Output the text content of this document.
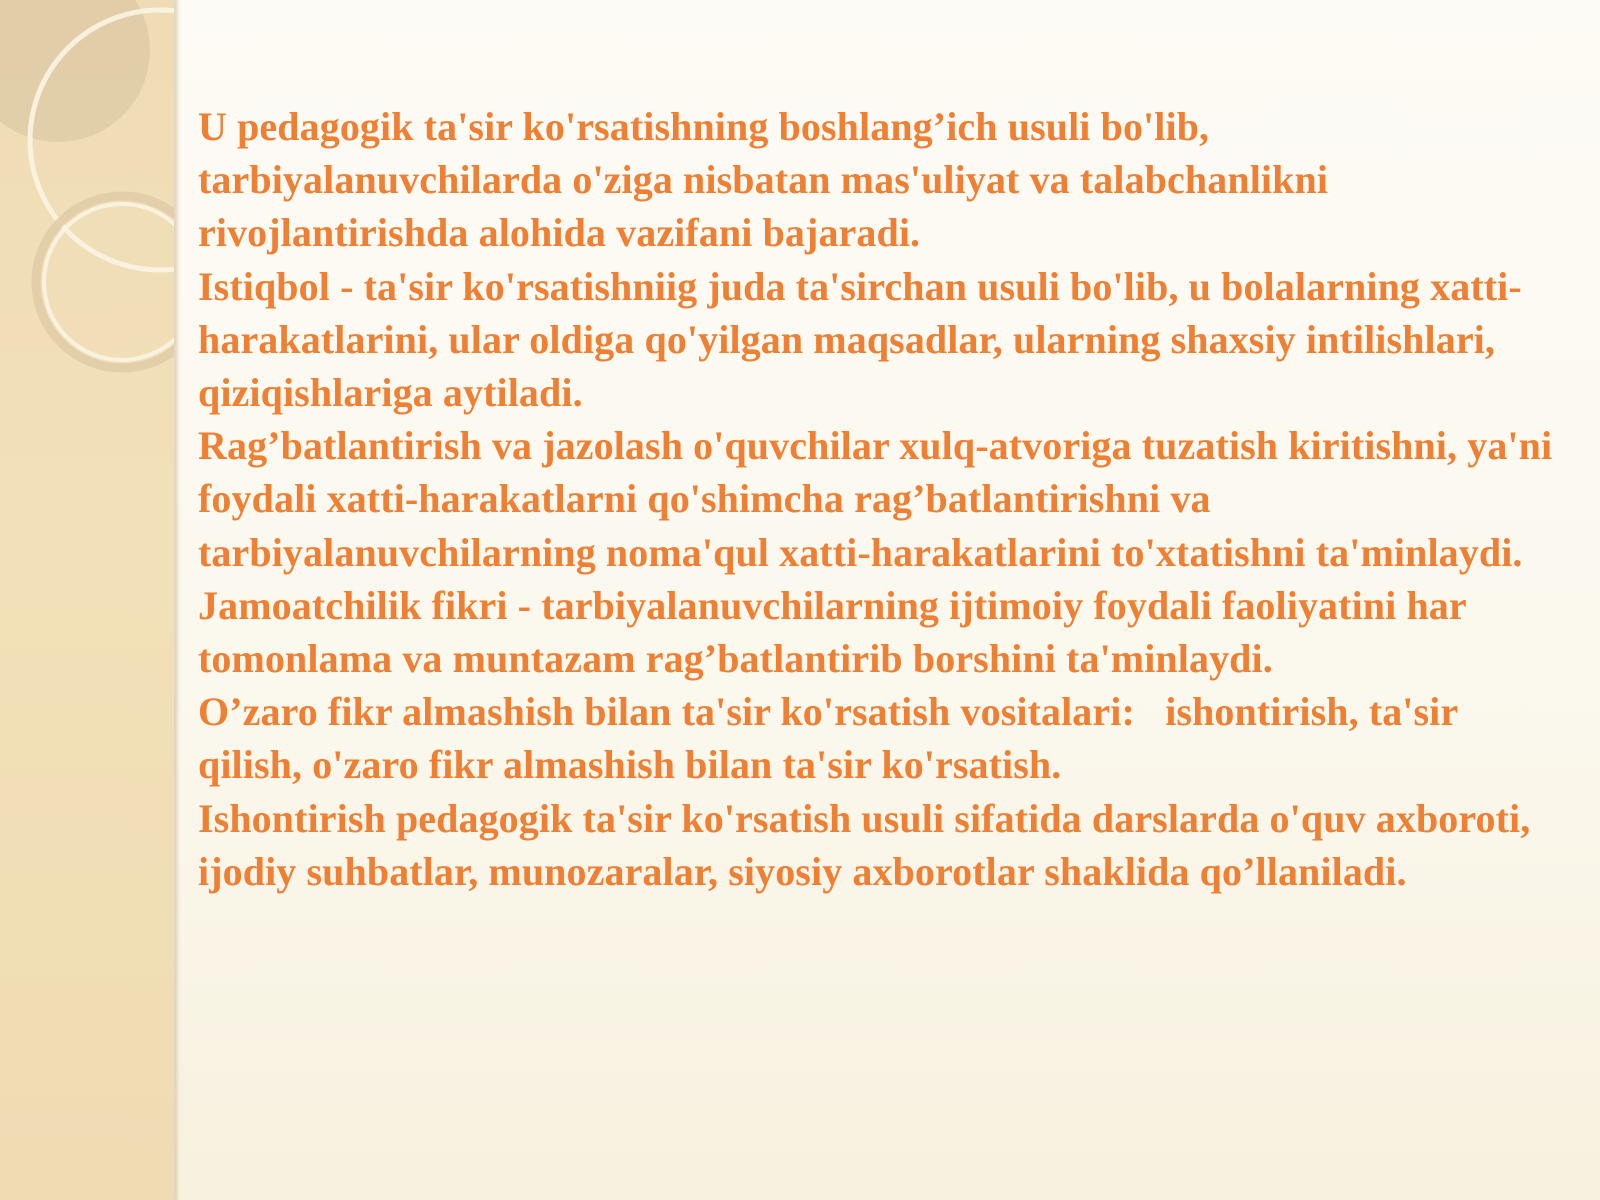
U pedagogik ta'sir ko'rsatishning boshlang’ich usuli bo'lib, tarbiyalanuvchilarda o'ziga nisbatan mas'uliyat va talabchanlikni rivojlantirishda alohida vazifani bajaradi.

Istiqbol - ta'sir ko'rsatishniig juda ta'sirchan usuli bo'lib, u bolalarning xatti-harakatlarini, ular oldiga qo'yilgan maqsadlar, ularning shaxsiy intilishlari, qiziqishlariga aytiladi.

Rag’batlantirish va jazolash o'quvchilar xulq-atvoriga tuzatish kiritishni, ya'ni foydali xatti-harakatlarni qo'shimcha rag’batlantirishni va tarbiyalanuvchilarning noma'qul xatti-harakatlarini to'xtatishni ta'minlaydi.

Jamoatchilik fikri - tarbiyalanuvchilarning ijtimoiy foydali faoliyatini har tomonlama va muntazam rag’batlantirib borshini ta'minlaydi.

O’zaro fikr almashish bilan ta'sir ko'rsatish vositalari:   ishontirish, ta'sir qilish, o'zaro fikr almashish bilan ta'sir ko'rsatish.

Ishontirish pedagogik ta'sir ko'rsatish usuli sifatida darslarda o'quv axboroti, ijodiy suhbatlar, munozaralar, siyosiy axborotlar shaklida qo’llaniladi.
